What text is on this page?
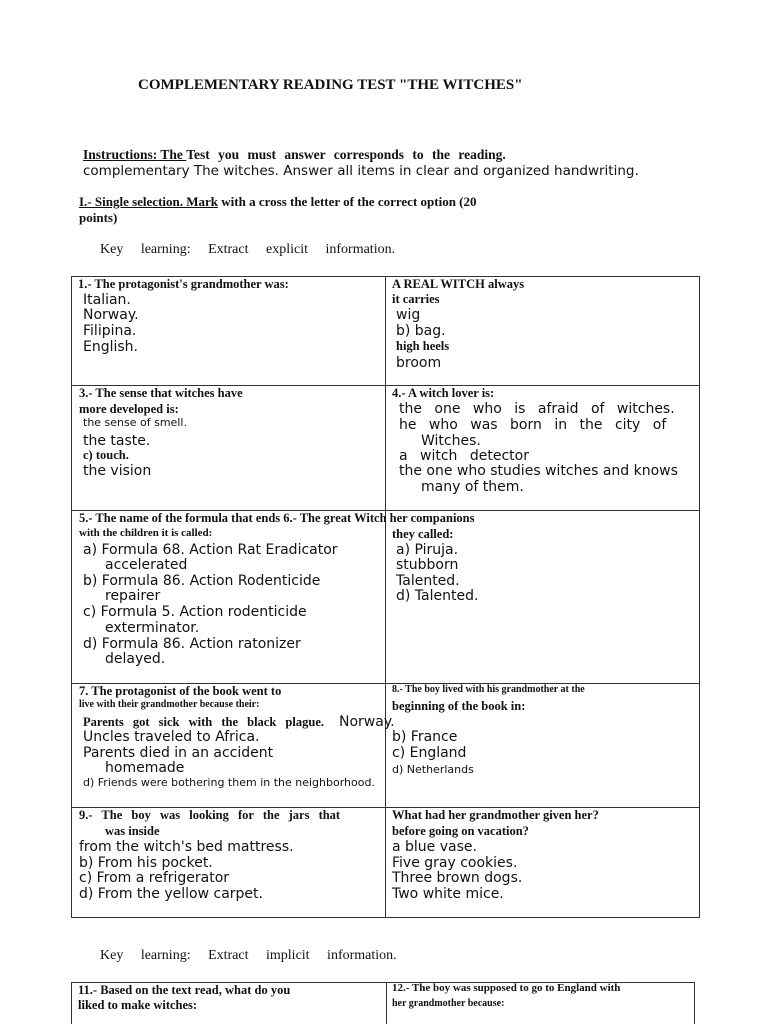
COMPLEMENTARY READING TEST "THE WITCHES"
Instructions: The Test you must answer corresponds to the reading.
complementary The witches. Answer all items in clear and organized handwriting.
I.- Single selection. Mark with a cross the letter of the correct option (20
points)
Key learning: Extract explicit information.
1.- The protagonist's grandmother was:
Italian.
Norway.
Filipina.
English.
A REAL WITCH always
it carries
wig
b) bag.
high heels
broom
3.- The sense that witches have
more developed is:
the sense of smell.
the taste.
c) touch.
the vision
4.- A witch lover is:
the one who is afraid of witches.
he who was born in the city of
Witches.
a witch detector
the one who studies witches and knows
many of them.
5.- The name of the formula that ends 6.- The great Witch her companions
with the children it is called:
a) Formula 68. Action Rat Eradicator
accelerated
b) Formula 86. Action Rodenticide
repairer
c) Formula 5. Action rodenticide
exterminator.
d) Formula 86. Action ratonizer
delayed.
they called:
a) Piruja.
stubborn
Talented.
d) Talented.
7. The protagonist of the book went to
live with their grandmother because their:
Parents got sick with the black plague. Norway.
Uncles traveled to Africa.
Parents died in an accident
homemade
d) Friends were bothering them in the neighborhood.
8.- The boy lived with his grandmother at the
beginning of the book in:
b) France
c) England
d) Netherlands
9.- The boy was looking for the jars that
was inside
from the witch's bed mattress.
b) From his pocket.
c) From a refrigerator
d) From the yellow carpet.
What had her grandmother given her?
before going on vacation?
a blue vase.
Five gray cookies.
Three brown dogs.
Two white mice.
Key learning: Extract implicit information.
11.- Based on the text read, what do you
liked to make witches:
12.- The boy was supposed to go to England with
her grandmother because:
